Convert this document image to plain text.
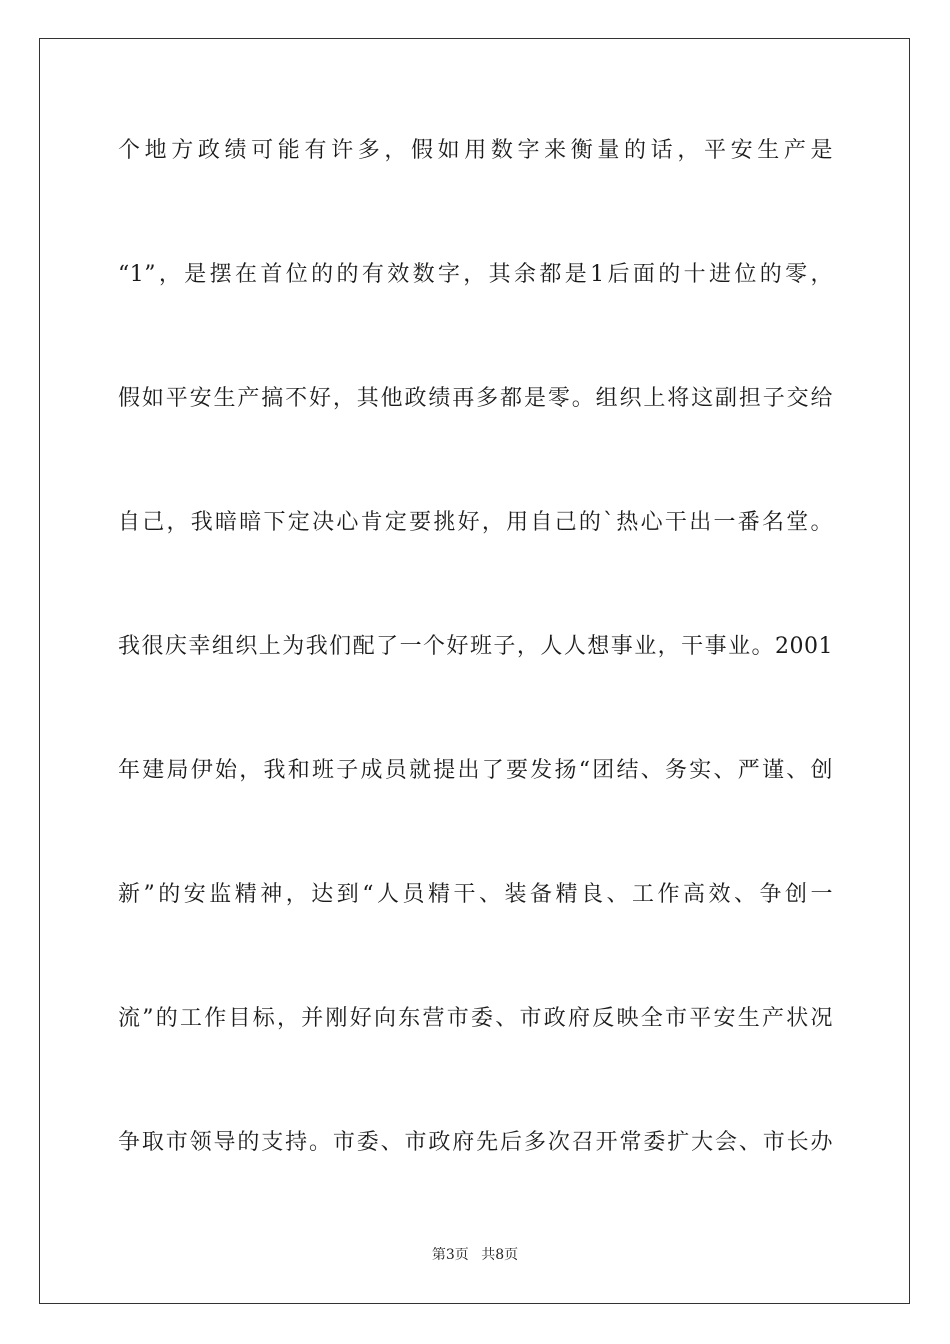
个地方政绩可能有许多，假如用数字来衡量的话，平安生产是
“1”，是摆在首位的的有效数字，其余都是1后面的十进位的零，
假如平安生产搞不好，其他政绩再多都是零。组织上将这副担子交给
自己，我暗暗下定决心肯定要挑好，用自己的`热心干出一番名堂。
我很庆幸组织上为我们配了一个好班子，人人想事业，干事业。2001
年建局伊始，我和班子成员就提出了要发扬“团结、务实、严谨、创
新”的安监精神，达到“人员精干、装备精良、工作高效、争创一
流”的工作目标，并刚好向东营市委、市政府反映全市平安生产状况
争取市领导的支持。市委、市政府先后多次召开常委扩大会、市长办
第3页 共8页
